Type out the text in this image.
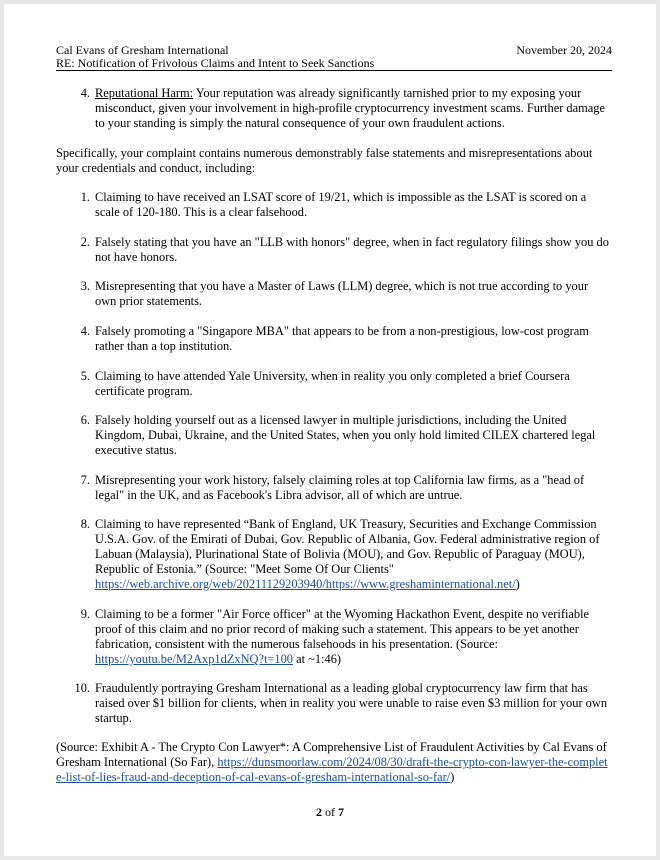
Cal Evans of Gresham International	November 20, 2024
RE: Notification of Frivolous Claims and Intent to Seek Sanctions
4. Reputational Harm: Your reputation was already significantly tarnished prior to my exposing your misconduct, given your involvement in high-profile cryptocurrency investment scams. Further damage to your standing is simply the natural consequence of your own fraudulent actions.
Specifically, your complaint contains numerous demonstrably false statements and misrepresentations about your credentials and conduct, including:
1. Claiming to have received an LSAT score of 19/21, which is impossible as the LSAT is scored on a scale of 120-180. This is a clear falsehood.
2. Falsely stating that you have an "LLB with honors" degree, when in fact regulatory filings show you do not have honors.
3. Misrepresenting that you have a Master of Laws (LLM) degree, which is not true according to your own prior statements.
4. Falsely promoting a "Singapore MBA" that appears to be from a non-prestigious, low-cost program rather than a top institution.
5. Claiming to have attended Yale University, when in reality you only completed a brief Coursera certificate program.
6. Falsely holding yourself out as a licensed lawyer in multiple jurisdictions, including the United Kingdom, Dubai, Ukraine, and the United States, when you only hold limited CILEX chartered legal executive status.
7. Misrepresenting your work history, falsely claiming roles at top California law firms, as a "head of legal" in the UK, and as Facebook's Libra advisor, all of which are untrue.
8. Claiming to have represented “Bank of England, UK Treasury, Securities and Exchange Commission U.S.A. Gov. of the Emirati of Dubai, Gov. Republic of Albania, Gov. Federal administrative region of Labuan (Malaysia), Plurinational State of Bolivia (MOU), and Gov. Republic of Paraguay (MOU), Republic of Estonia.” (Source: "Meet Some Of Our Clients" https://web.archive.org/web/20211129203940/https://www.greshaminternational.net/)
9. Claiming to be a former "Air Force officer" at the Wyoming Hackathon Event, despite no verifiable proof of this claim and no prior record of making such a statement. This appears to be yet another fabrication, consistent with the numerous falsehoods in his presentation. (Source: https://youtu.be/M2Axp1dZxNQ?t=100 at ~1:46)
10. Fraudulently portraying Gresham International as a leading global cryptocurrency law firm that has raised over $1 billion for clients, when in reality you were unable to raise even $3 million for your own startup.
(Source: Exhibit A - The Crypto Con Lawyer*: A Comprehensive List of Fraudulent Activities by Cal Evans of Gresham International (So Far), https://dunsmoorlaw.com/2024/08/30/draft-the-crypto-con-lawyer-the-complete-list-of-lies-fraud-and-deception-of-cal-evans-of-gresham-international-so-far/)
2 of 7
